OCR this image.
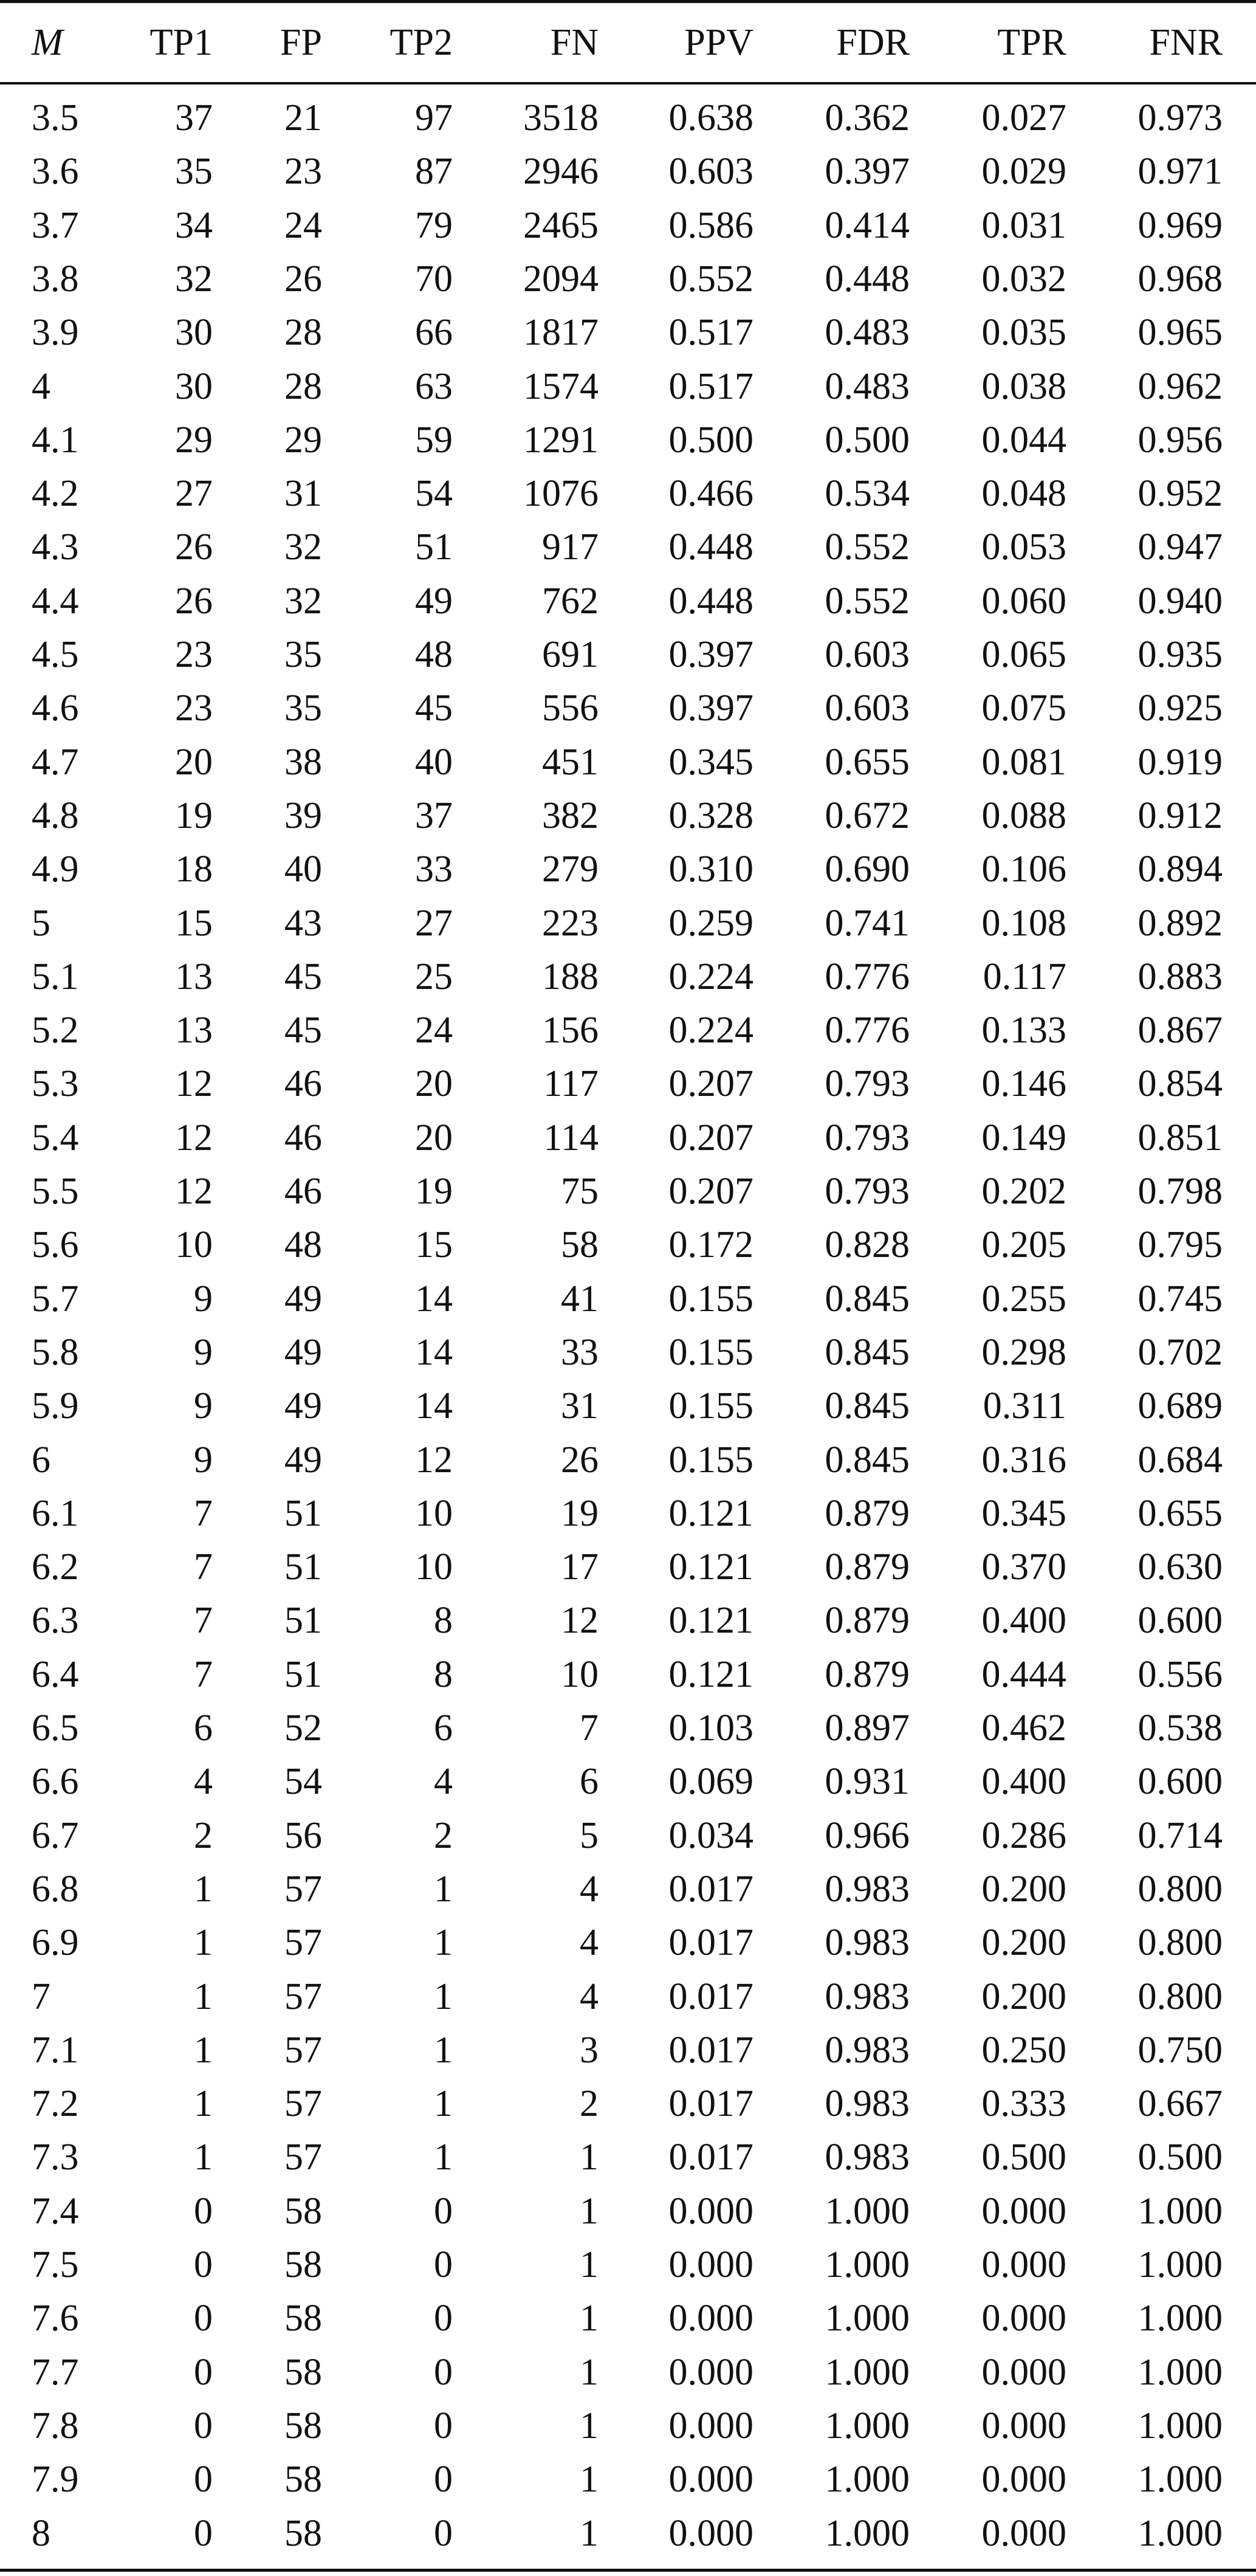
M TP1 FP TP2	FN PPV FDR TPR FNR
3.5	37 21 97 3518 0.638 0.362 0.027 0.973
3.6	35 23 87 2946 0.603 0.397 0.029 0.971
3.7	34 24 79 2465 0.586 0.414 0.031 0.969
3.8	32 26 70 2094 0.552 0.448 0.032 0.968
3.9	30 28 66 1817 0.517 0.483 0.035 0.965
4	30 28 63 1574 0.517 0.483 0.038 0.962
4.1	29 29 59 1291 0.500 0.500 0.044 0.956
4.2	27 31 54 1076 0.466 0.534 0.048 0.952
4.3	26 32 51 917 0.448 0.552 0.053 0.947
4.4	26 32 49 762 0.448 0.552 0.060 0.940
4.5	23 35 48 691 0.397 0.603 0.065 0.935
4.6	23 35 45 556 0.397 0.603 0.075 0.925
4.7	20 38 40 451 0.345 0.655 0.081 0.919
4.8	19 39 37 382 0.328 0.672 0.088 0.912
4.9	18 40 33 279 0.310 0.690 0.106 0.894
5	15 43 27 223 0.259 0.741 0.108 0.892
5.1	13 45 25 188 0.224 0.776 0.117 0.883
5.2	13 45 24 156 0.224 0.776 0.133 0.867
5.3	12 46 20 117 0.207 0.793 0.146 0.854
5.4	12 46 20 114 0.207 0.793 0.149 0.851
5.5	12 46 19	75 0.207 0.793 0.202 0.798
5.6	10 48 15	58 0.172 0.828 0.205 0.795
5.7	9 49 14	41 0.155 0.845 0.255 0.745
5.8	9 49 14	33 0.155 0.845 0.298 0.702
5.9	9 49 14	31 0.155 0.845 0.311 0.689
6	9 49 12	26 0.155 0.845 0.316 0.684
6.1	7 51 10	19 0.121 0.879 0.345 0.655
6.2	7 51 10	17 0.121 0.879 0.370 0.630
6.3	7 51	8	12 0.121 0.879 0.400 0.600
6.4	7 51	8	10 0.121 0.879 0.444 0.556
6.5	6 52	6	7 0.103 0.897 0.462 0.538
6.6	4 54	4	6 0.069 0.931 0.400 0.600
6.7	2 56	2	5 0.034 0.966 0.286 0.714
6.8	1 57	1	4 0.017 0.983 0.200 0.800
6.9	1 57	1	4 0.017 0.983 0.200 0.800
7	1 57	1	4 0.017 0.983 0.200 0.800
7.1	1 57	1	3 0.017 0.983 0.250 0.750
7.2	1 57	1	2 0.017 0.983 0.333 0.667
7.3	1 57	1	1 0.017 0.983 0.500 0.500
7.4	0 58	0	1 0.000 1.000 0.000 1.000
7.5	0 58	0	1 0.000 1.000 0.000 1.000
7.6	0 58	0	1 0.000 1.000 0.000 1.000
7.7	0 58	0	1 0.000 1.000 0.000 1.000
7.8	0 58	0	1 0.000 1.000 0.000 1.000
7.9	0 58	0	1 0.000 1.000 0.000 1.000
8	0 58	0	1 0.000 1.000 0.000 1.000
